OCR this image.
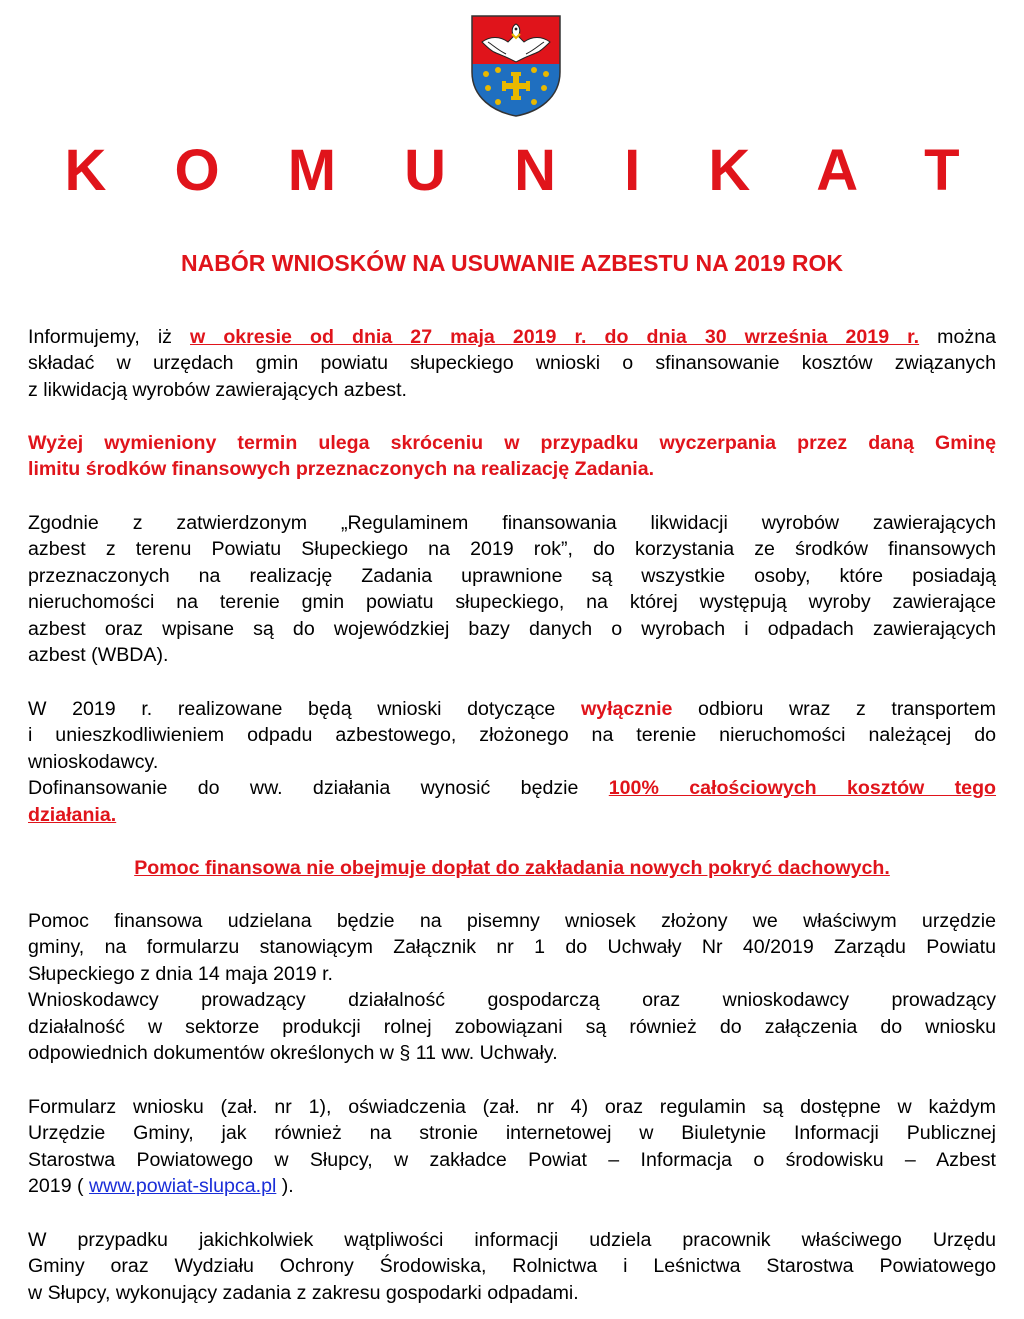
K O M U N I K A T
NABÓR WNIOSKÓW NA USUWANIE AZBESTU NA 2019 ROK
Informujemy, iż w okresie od dnia 27 maja 2019 r. do dnia 30 września 2019 r. można
składać w urzędach gmin powiatu słupeckiego wnioski o sfinansowanie kosztów związanych
z likwidacją wyrobów zawierających azbest.
Wyżej wymieniony termin ulega skróceniu w przypadku wyczerpania przez daną Gminę
limitu środków finansowych przeznaczonych na realizację Zadania.
Zgodnie z zatwierdzonym „Regulaminem finansowania likwidacji wyrobów zawierających
azbest z terenu Powiatu Słupeckiego na 2019 rok”, do korzystania ze środków finansowych
przeznaczonych na realizację Zadania uprawnione są wszystkie osoby, które posiadają
nieruchomości na terenie gmin powiatu słupeckiego, na której występują wyroby zawierające
azbest oraz wpisane są do wojewódzkiej bazy danych o wyrobach i odpadach zawierających
azbest (WBDA).
W 2019 r. realizowane będą wnioski dotyczące wyłącznie odbioru wraz z transportem
i unieszkodliwieniem odpadu azbestowego, złożonego na terenie nieruchomości należącej do
wnioskodawcy.
Dofinansowanie do ww. działania wynosić będzie 100% całościowych kosztów tego
działania.
Pomoc finansowa nie obejmuje dopłat do zakładania nowych pokryć dachowych.
Pomoc finansowa udzielana będzie na pisemny wniosek złożony we właściwym urzędzie
gminy, na formularzu stanowiącym Załącznik nr 1 do Uchwały Nr 40/2019 Zarządu Powiatu
Słupeckiego z dnia 14 maja 2019 r.
Wnioskodawcy prowadzący działalność gospodarczą oraz wnioskodawcy prowadzący
działalność w sektorze produkcji rolnej zobowiązani są również do załączenia do wniosku
odpowiednich dokumentów określonych w § 11 ww. Uchwały.
Formularz wniosku (zał. nr 1), oświadczenia (zał. nr 4) oraz regulamin są dostępne w każdym
Urzędzie Gminy, jak również na stronie internetowej w Biuletynie Informacji Publicznej
Starostwa Powiatowego w Słupcy, w zakładce Powiat – Informacja o środowisku – Azbest
2019 ( www.powiat-slupca.pl ).
W przypadku jakichkolwiek wątpliwości informacji udziela pracownik właściwego Urzędu
Gminy oraz Wydziału Ochrony Środowiska, Rolnictwa i Leśnictwa Starostwa Powiatowego
w Słupcy, wykonujący zadania z zakresu gospodarki odpadami.
